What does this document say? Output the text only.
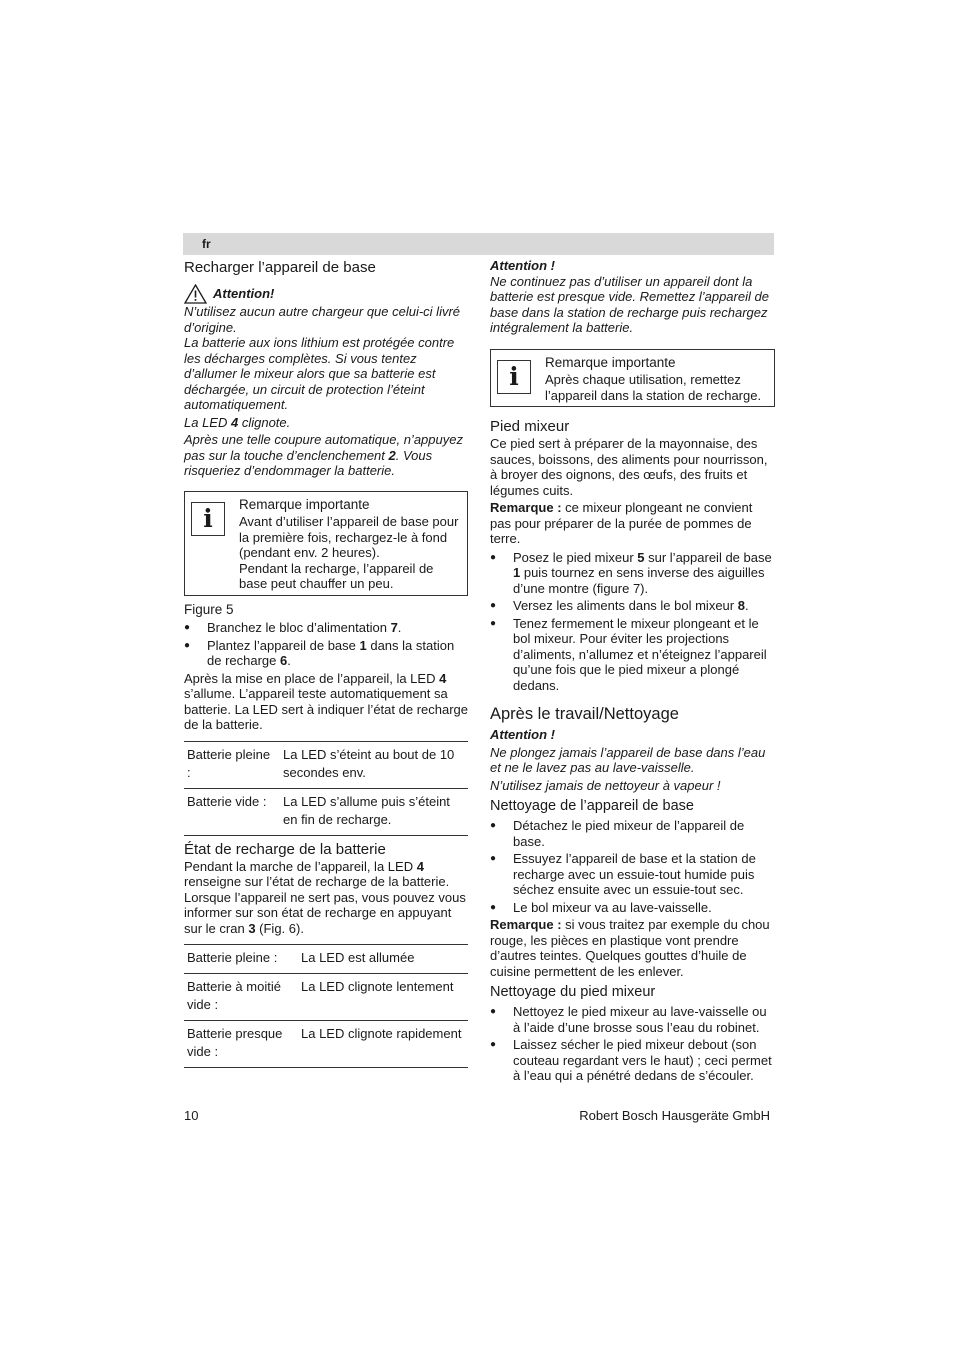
fr
Recharger l’appareil de base
Attention!

N’utilisez aucun autre chargeur que celui-ci livré d’origine.

La batterie aux ions lithium est protégée contre les décharges complètes. Si vous tentez d’allumer le mixeur alors que sa batterie est déchargée, un circuit de protection l’éteint automatiquement.

La LED 4 clignote.

Après une telle coupure automatique, n’appuyez pas sur la touche d’enclenchement 2. Vous risqueriez d’endommager la batterie.

i	Remarque importante

Avant d’utiliser l’appareil de base pour la première fois, rechargez-le à fond (pendant env. 2 heures).

Pendant la recharge, l’appareil de base peut chauffer un peu.

Figure 5

● Branchez le bloc d’alimentation 7.
● Plantez l’appareil de base 1 dans la station de recharge 6.

Après la mise en place de l’appareil, la LED 4 s’allume. L’appareil teste automatiquement sa batterie. La LED sert à indiquer l’état de recharge de la batterie.

Batterie pleine :	La LED s’éteint au bout de 10 secondes env.
Batterie vide :	La LED s’allume puis s’éteint en fin de recharge.
État de recharge de la batterie

Pendant la marche de l’appareil, la LED 4 renseigne sur l’état de recharge de la batterie. Lorsque l’appareil ne sert pas, vous pouvez vous informer sur son état de recharge en appuyant sur le cran 3 (Fig. 6).

Batterie pleine :	La LED est allumée
Batterie à moitié vide :	La LED clignote lentement
Batterie presque vide :	La LED clignote rapidement

Attention !

Ne continuez pas d’utiliser un appareil dont la batterie est presque vide. Remettez l’appareil de base dans la station de recharge puis rechargez intégralement la batterie.

i	Remarque importante

Après chaque utilisation, remettez l’appareil dans la station de recharge.

Pied mixeur

Ce pied sert à préparer de la mayonnaise, des sauces, boissons, des aliments pour nourrisson, à broyer des oignons, des œufs, des fruits et légumes cuits.

Remarque : ce mixeur plongeant ne convient pas pour préparer de la purée de pommes de terre.

● Posez le pied mixeur 5 sur l’appareil de base 1 puis tournez en sens inverse des aiguilles d’une montre (figure 7).
● Versez les aliments dans le bol mixeur 8.
● Tenez fermement le mixeur plongeant et le bol mixeur. Pour éviter les projections d’aliments, n’allumez et n’éteignez l’appareil qu’une fois que le pied mixeur a plongé dedans.
Après le travail/Nettoyage

Attention !

Ne plongez jamais l’appareil de base dans l’eau et ne le lavez pas au lave-vaisselle.

N’utilisez jamais de nettoyeur à vapeur !

Nettoyage de l’appareil de base
● Détachez le pied mixeur de l’appareil de base.
● Essuyez l’appareil de base et la station de recharge avec un essuie-tout humide puis séchez ensuite avec un essuie-tout sec.
● Le bol mixeur va au lave-vaisselle.

Remarque : si vous traitez par exemple du chou rouge, les pièces en plastique vont prendre d’autres teintes. Quelques gouttes d’huile de cuisine permettent de les enlever.

Nettoyage du pied mixeur
● Nettoyez le pied mixeur au lave-vaisselle ou à l’aide d’une brosse sous l’eau du robinet.
● Laissez sécher le pied mixeur debout (son couteau regardant vers le haut) ; ceci permet à l’eau qui a pénétré dedans de s’écouler.
10	Robert Bosch Hausgeräte GmbH
